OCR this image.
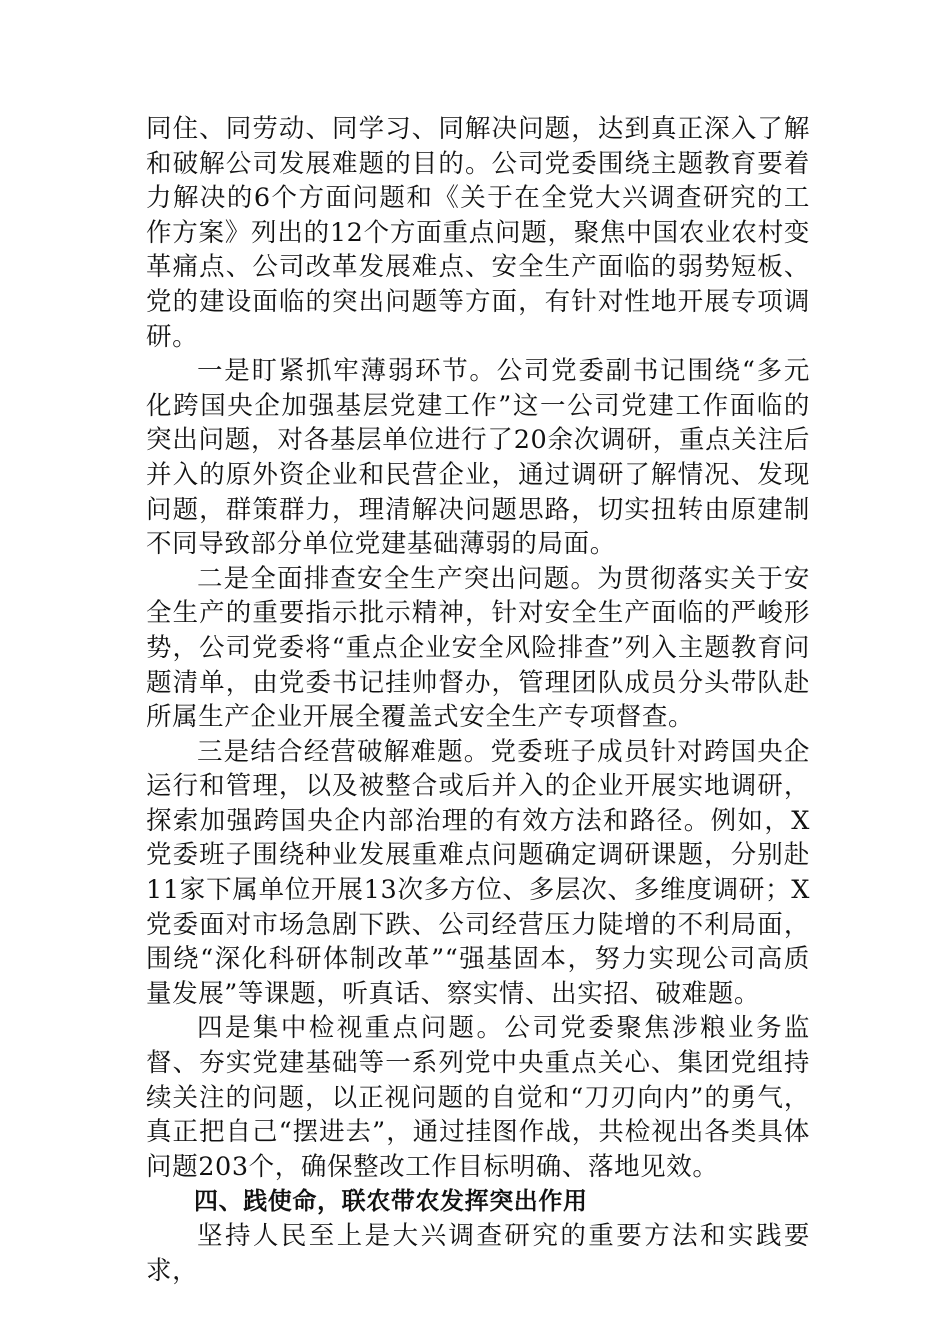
同住、同劳动、同学习、同解决问题，达到真正深入了解和破解公司发展难题的目的。公司党委围绕主题教育要着力解决的6个方面问题和《关于在全党大兴调查研究的工作方案》列出的12个方面重点问题，聚焦中国农业农村变革痛点、公司改革发展难点、安全生产面临的弱势短板、党的建设面临的突出问题等方面，有针对性地开展专项调研。

一是盯紧抓牢薄弱环节。公司党委副书记围绕“多元化跨国央企加强基层党建工作”这一公司党建工作面临的突出问题，对各基层单位进行了20余次调研，重点关注后并入的原外资企业和民营企业，通过调研了解情况、发现问题，群策群力，理清解决问题思路，切实扭转由原建制不同导致部分单位党建基础薄弱的局面。

二是全面排查安全生产突出问题。为贯彻落实关于安全生产的重要指示批示精神，针对安全生产面临的严峻形势，公司党委将“重点企业安全风险排查”列入主题教育问题清单，由党委书记挂帅督办，管理团队成员分头带队赴所属生产企业开展全覆盖式安全生产专项督查。

三是结合经营破解难题。党委班子成员针对跨国央企运行和管理，以及被整合或后并入的企业开展实地调研，探索加强跨国央企内部治理的有效方法和路径。例如，X党委班子围绕种业发展重难点问题确定调研课题，分别赴11家下属单位开展13次多方位、多层次、多维度调研；X党委面对市场急剧下跌、公司经营压力陡增的不利局面，围绕“深化科研体制改革”“强基固本，努力实现公司高质量发展”等课题，听真话、察实情、出实招、破难题。

四是集中检视重点问题。公司党委聚焦涉粮业务监督、夯实党建基础等一系列党中央重点关心、集团党组持续关注的问题，以正视问题的自觉和“刀刃向内”的勇气，真正把自己“摆进去”，通过挂图作战，共检视出各类具体问题203个，确保整改工作目标明确、落地见效。

四、践使命，联农带农发挥突出作用

坚持人民至上是大兴调查研究的重要方法和实践要求，
